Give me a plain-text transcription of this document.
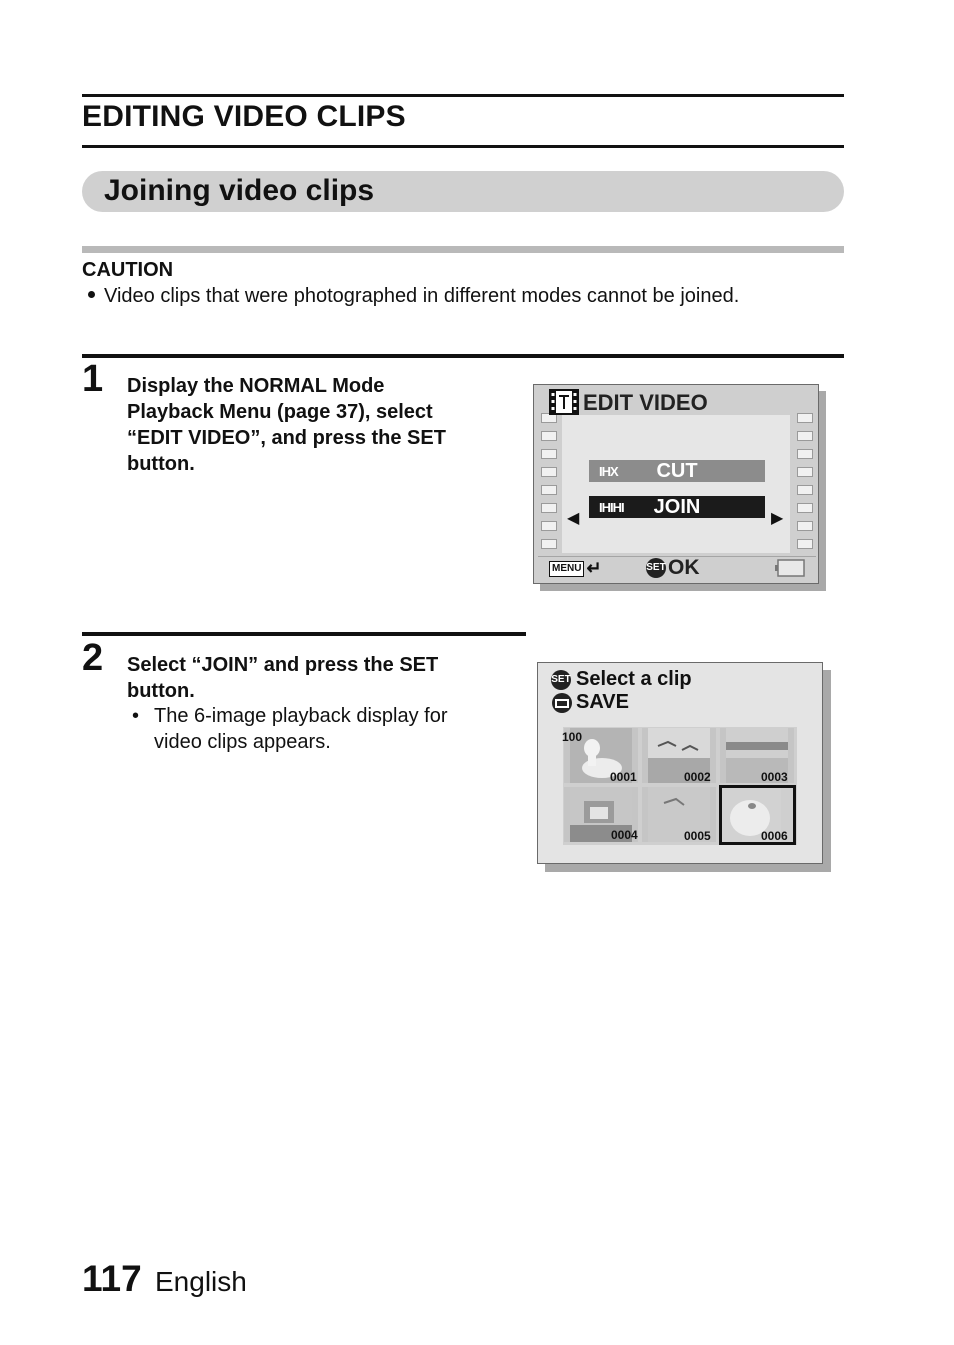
EDITING VIDEO CLIPS
Joining video clips
CAUTION
Video clips that were photographed in different modes cannot be joined.
1 Display the NORMAL Mode
Playback Menu (page 37), select
“EDIT VIDEO”, and press the SET
button.
EDIT VIDEO
IHX	CUT
IHIHI	JOIN
◀	▶
MENU ↵	SET OK
2 Select “JOIN” and press the SET
button.
• The 6-image playback display for
video clips appears.
SET Select a clip
SAVE
100
0001	0002	0003
0004	0005	0006
117 English
